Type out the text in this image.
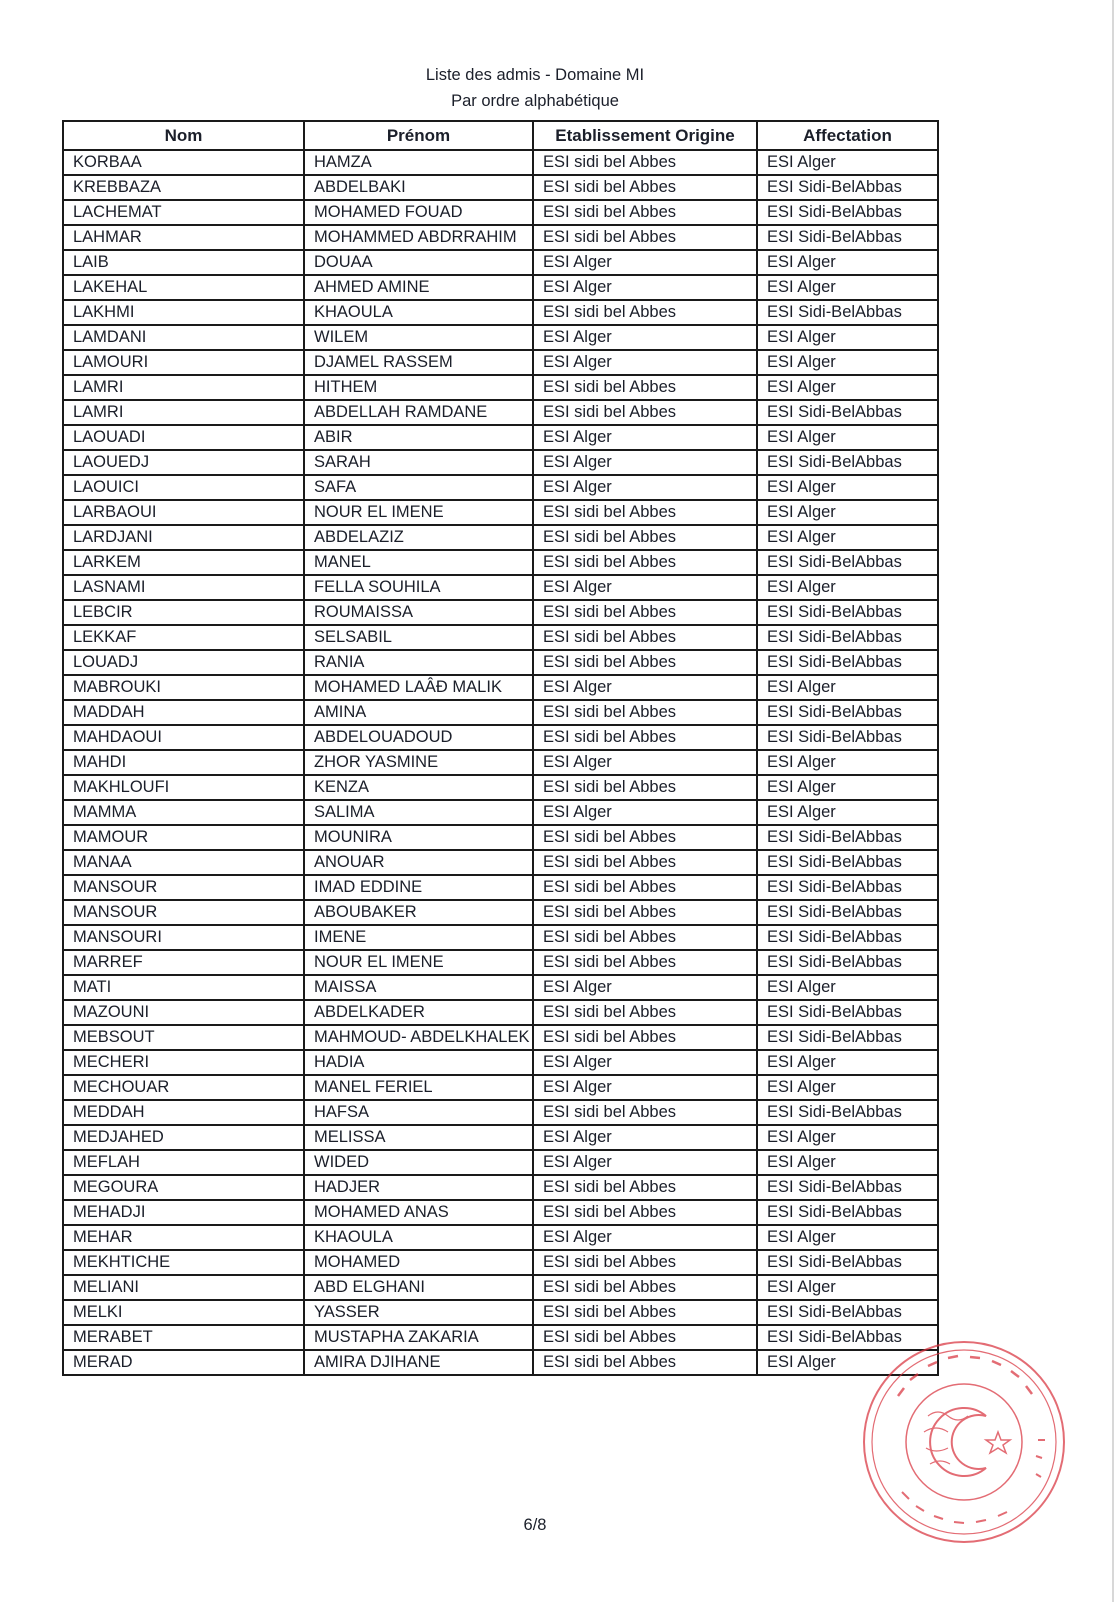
Liste des admis - Domaine MI
Par ordre alphabétique
Nom	Prénom	Etablissement Origine	Affectation
KORBAA	HAMZA	ESI sidi bel Abbes	ESI Alger
KREBBAZA	ABDELBAKI	ESI sidi bel Abbes	ESI Sidi-BelAbbas
LACHEMAT	MOHAMED FOUAD	ESI sidi bel Abbes	ESI Sidi-BelAbbas
LAHMAR	MOHAMMED ABDRRAHIM	ESI sidi bel Abbes	ESI Sidi-BelAbbas
LAIB	DOUAA	ESI Alger	ESI Alger
LAKEHAL	AHMED AMINE	ESI Alger	ESI Alger
LAKHMI	KHAOULA	ESI sidi bel Abbes	ESI Sidi-BelAbbas
LAMDANI	WILEM	ESI Alger	ESI Alger
LAMOURI	DJAMEL RASSEM	ESI Alger	ESI Alger
LAMRI	HITHEM	ESI sidi bel Abbes	ESI Alger
LAMRI	ABDELLAH RAMDANE	ESI sidi bel Abbes	ESI Sidi-BelAbbas
LAOUADI	ABIR	ESI Alger	ESI Alger
LAOUEDJ	SARAH	ESI Alger	ESI Sidi-BelAbbas
LAOUICI	SAFA	ESI Alger	ESI Alger
LARBAOUI	NOUR EL IMENE	ESI sidi bel Abbes	ESI Alger
LARDJANI	ABDELAZIZ	ESI sidi bel Abbes	ESI Alger
LARKEM	MANEL	ESI sidi bel Abbes	ESI Sidi-BelAbbas
LASNAMI	FELLA SOUHILA	ESI Alger	ESI Alger
LEBCIR	ROUMAISSA	ESI sidi bel Abbes	ESI Sidi-BelAbbas
LEKKAF	SELSABIL	ESI sidi bel Abbes	ESI Sidi-BelAbbas
LOUADJ	RANIA	ESI sidi bel Abbes	ESI Sidi-BelAbbas
MABROUKI	MOHAMED LAÂÐ MALIK	ESI Alger	ESI Alger
MADDAH	AMINA	ESI sidi bel Abbes	ESI Sidi-BelAbbas
MAHDAOUI	ABDELOUADOUD	ESI sidi bel Abbes	ESI Sidi-BelAbbas
MAHDI	ZHOR YASMINE	ESI Alger	ESI Alger
MAKHLOUFI	KENZA	ESI sidi bel Abbes	ESI Alger
MAMMA	SALIMA	ESI Alger	ESI Alger
MAMOUR	MOUNIRA	ESI sidi bel Abbes	ESI Sidi-BelAbbas
MANAA	ANOUAR	ESI sidi bel Abbes	ESI Sidi-BelAbbas
MANSOUR	IMAD EDDINE	ESI sidi bel Abbes	ESI Sidi-BelAbbas
MANSOUR	ABOUBAKER	ESI sidi bel Abbes	ESI Sidi-BelAbbas
MANSOURI	IMENE	ESI sidi bel Abbes	ESI Sidi-BelAbbas
MARREF	NOUR EL IMENE	ESI sidi bel Abbes	ESI Sidi-BelAbbas
MATI	MAISSA	ESI Alger	ESI Alger
MAZOUNI	ABDELKADER	ESI sidi bel Abbes	ESI Sidi-BelAbbas
MEBSOUT	MAHMOUD- ABDELKHALEK	ESI sidi bel Abbes	ESI Sidi-BelAbbas
MECHERI	HADIA	ESI Alger	ESI Alger
MECHOUAR	MANEL FERIEL	ESI Alger	ESI Alger
MEDDAH	HAFSA	ESI sidi bel Abbes	ESI Sidi-BelAbbas
MEDJAHED	MELISSA	ESI Alger	ESI Alger
MEFLAH	WIDED	ESI Alger	ESI Alger
MEGOURA	HADJER	ESI sidi bel Abbes	ESI Sidi-BelAbbas
MEHADJI	MOHAMED ANAS	ESI sidi bel Abbes	ESI Sidi-BelAbbas
MEHAR	KHAOULA	ESI Alger	ESI Alger
MEKHTICHE	MOHAMED	ESI sidi bel Abbes	ESI Sidi-BelAbbas
MELIANI	ABD ELGHANI	ESI sidi bel Abbes	ESI Alger
MELKI	YASSER	ESI sidi bel Abbes	ESI Sidi-BelAbbas
MERABET	MUSTAPHA ZAKARIA	ESI sidi bel Abbes	ESI Sidi-BelAbbas
MERAD	AMIRA DJIHANE	ESI sidi bel Abbes	ESI Alger
6/8
